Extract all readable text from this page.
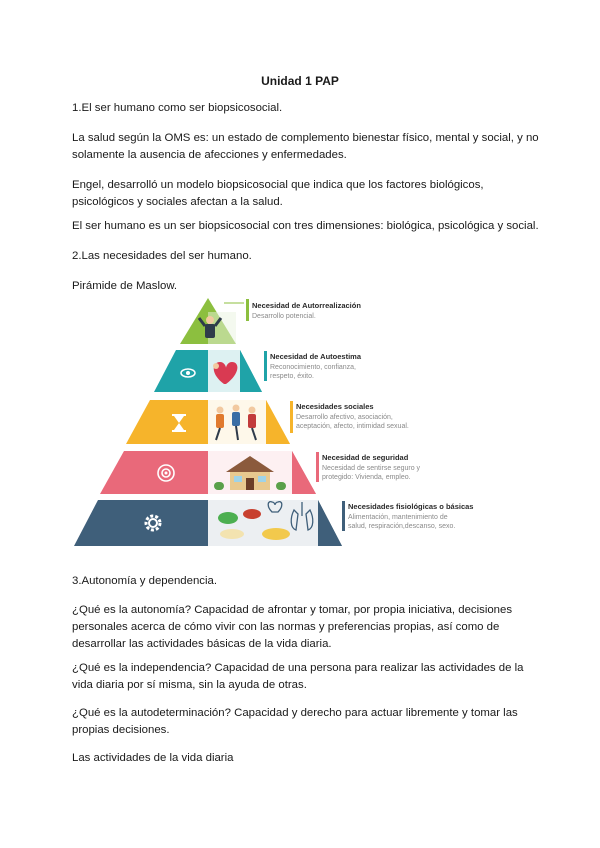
Unidad 1 PAP

1.El ser humano como ser biopsicosocial.

La salud según la OMS es: un estado de complemento bienestar físico, mental y social, y no solamente la ausencia de afecciones y enfermedades.

Engel, desarrolló un modelo biopsicosocial que indica que los factores biológicos, psicológicos y sociales afectan a la salud.

El ser humano es un ser biopsicosocial con tres dimensiones: biológica, psicológica y social.

2.Las necesidades del ser humano.

Pirámide de Maslow.

Necesidad de Autorrealización
Desarrollo potencial.
Necesidad de Autoestima
Reconocimiento, confianza,
respeto, éxito.
Necesidades sociales
Desarrollo afectivo, asociación,
aceptación, afecto, intimidad sexual.
Necesidad de seguridad
Necesidad de sentirse seguro y
protegido: Vivienda, empleo.
Necesidades fisiológicas o básicas
Alimentación, mantenimiento de
salud, respiración,descanso, sexo.

3.Autonomía y dependencia.

¿Qué es la autonomía? Capacidad de afrontar y tomar, por propia iniciativa, decisiones personales acerca de cómo vivir con las normas y preferencias propias, así como de desarrollar las actividades básicas de la vida diaria.

¿Qué es la independencia? Capacidad de una persona para realizar las actividades de la vida diaria por sí misma, sin la ayuda de otras.

¿Qué es la autodeterminación? Capacidad y derecho para actuar libremente y tomar las propias decisiones.

Las actividades de la vida diaria
